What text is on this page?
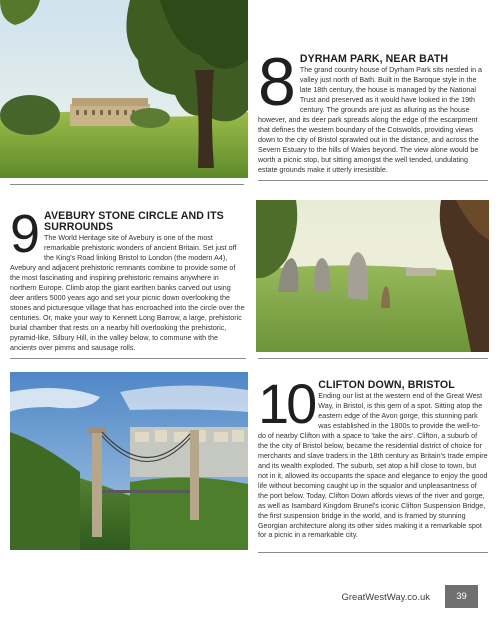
8 DYRHAM PARK, NEAR BATH

The grand country house of Dyrham Park sits nestled in a valley just north of Bath. Built in the Baroque style in the late 18th century, the house is managed by the National Trust and preserved as it would have looked in the 19th century. The grounds are just as alluring as the house however, and its deer park spreads along the edge of the escarpment that defines the western boundary of the Cotswolds, providing views down to the city of Bristol sprawled out in the distance, and across the Severn Estuary to the hills of Wales beyond. The view alone would be worth a picnic stop, but sitting amongst the well tended, undulating estate grounds make it utterly irresistible.

9 AVEBURY STONE CIRCLE AND ITS SURROUNDS

The World Heritage site of Avebury is one of the most remarkable prehistoric wonders of ancient Britain. Set just off the King's Road linking Bristol to London (the modern A4), Avebury and adjacent prehistoric remnants combine to provide some of the most fascinating and inspiring prehistoric remains anywhere in northern Europe. Climb atop the giant earthen banks carved out using deer antlers 5000 years ago and set your picnic down overlooking the stones and picturesque village that has encroached into the circle over the centuries. Or, make your way to Kennett Long Barrow, a large, prehistoric burial chamber that rests on a nearby hill overlooking the prehistoric, pyramid-like, Silbury Hill, in the valley below, to commune with the ancients over pimms and sausage rolls.

10 CLIFTON DOWN, BRISTOL

Ending our list at the western end of the Great West Way, in Bristol, is this gem of a spot. Sitting atop the eastern edge of the Avon gorge, this stunning park was established in the 1800s to provide the well-to-do of nearby Clifton with a space to 'take the airs'. Clifton, a suburb of the the city of Bristol below, became the residential district of choice for merchants and slave traders in the 18th century as Britain's trade empire and its wealth exploded. The suburb, set atop a hill close to town, but not in it, allowed its occupants the space and elegance to enjoy the good life without becoming caught up in the squalor and unpleasantness of the port below. Today, Clifton Down affords views of the river and gorge, as well as Isambard Kingdom Brunel's iconic Clifton Suspension Bridge, the first suspension bridge in the world, and is framed by stunning Georgian architecture along its other sides making it a remarkable spot for a picnic in a remarkable city.

GreatWestWay.co.uk	39
